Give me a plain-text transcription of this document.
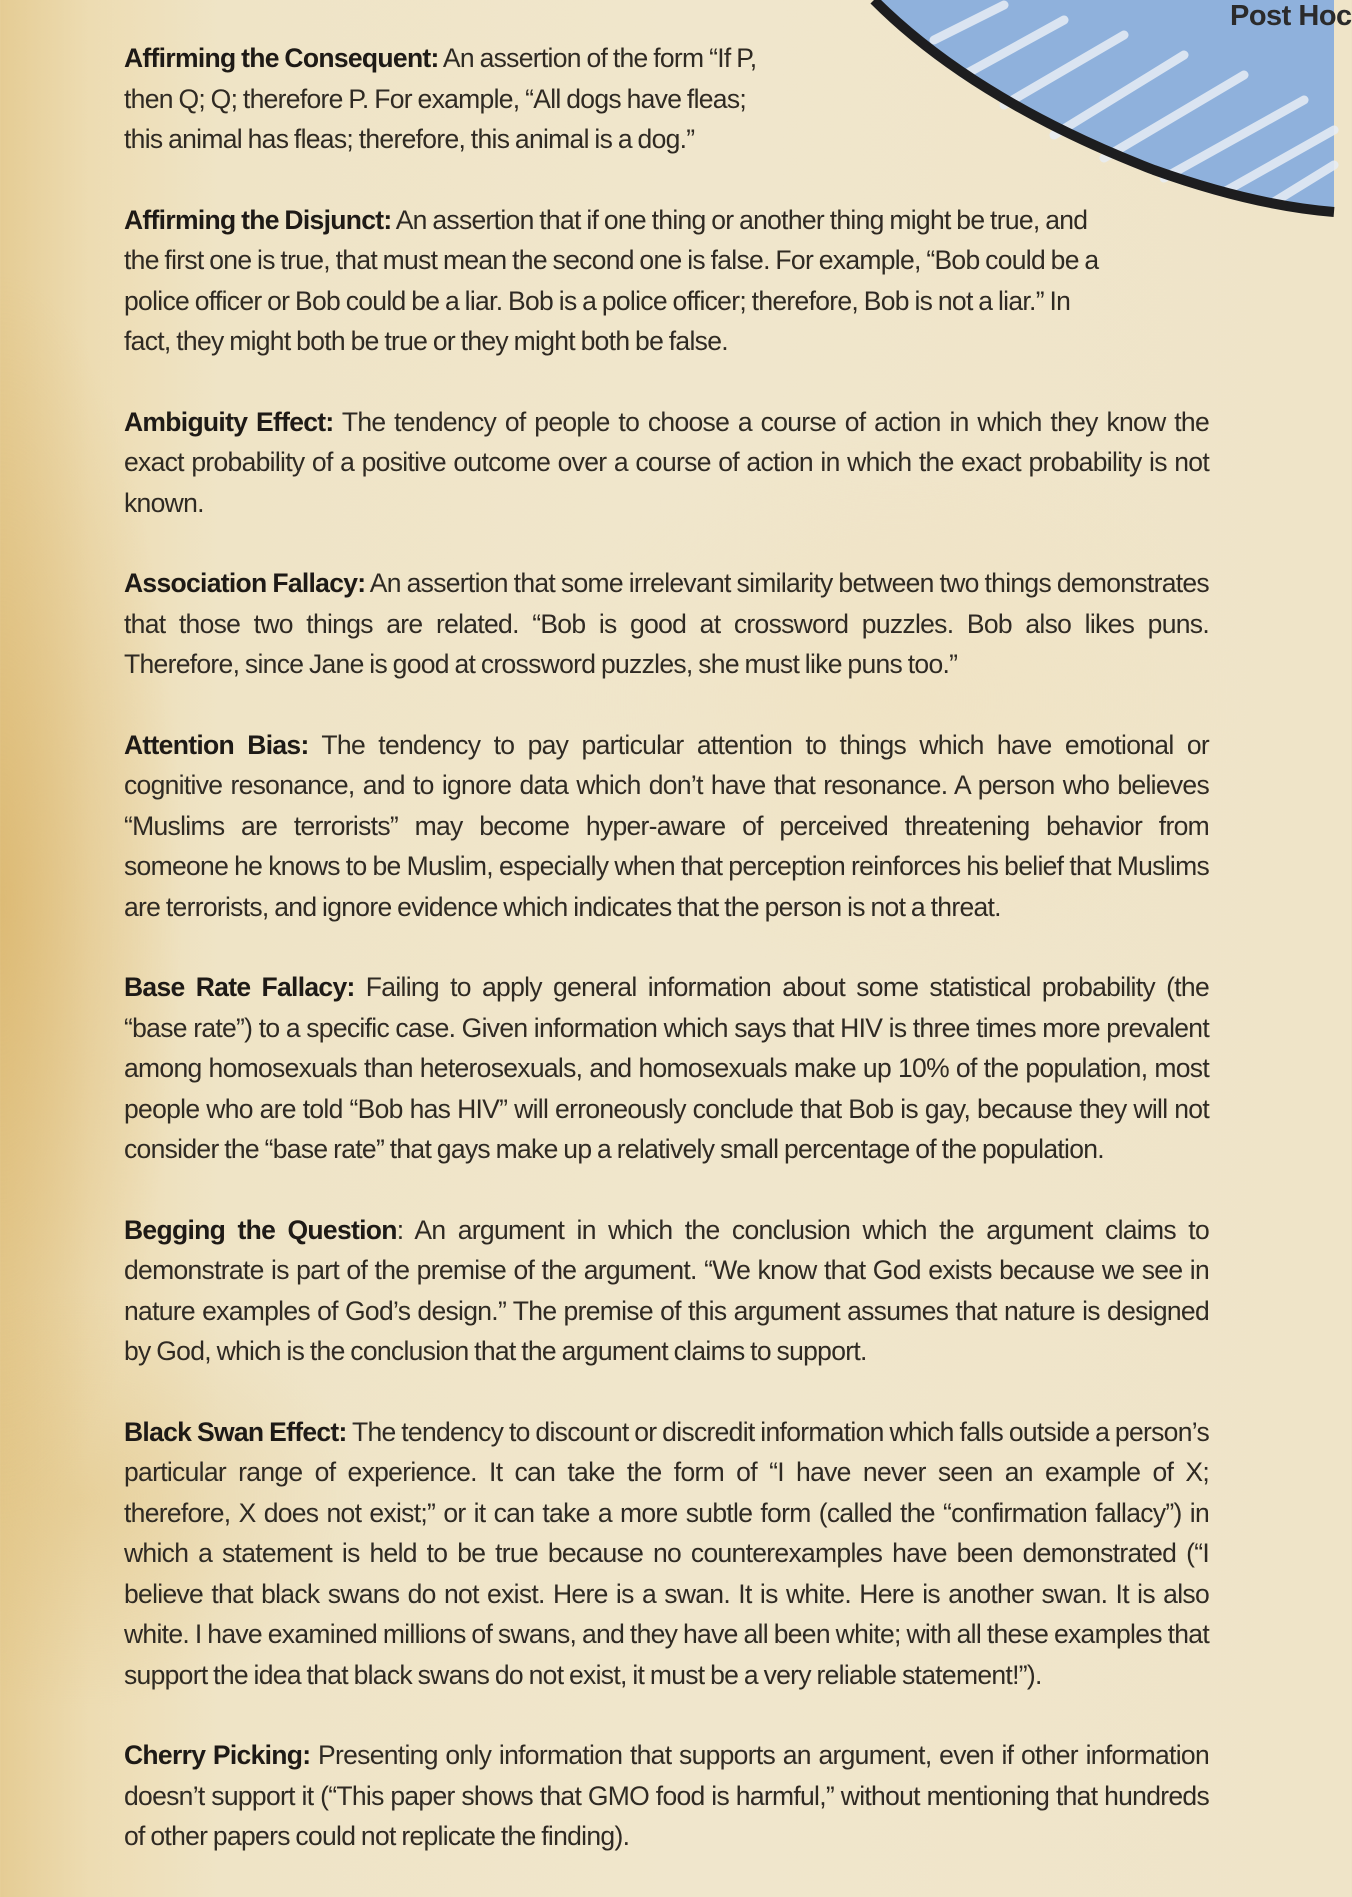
Post Hoc

Affirming the Consequent: An assertion of the form “If P, then Q; Q; therefore P. For example, “All dogs have fleas; this animal has fleas; therefore, this animal is a dog.”

Affirming the Disjunct: An assertion that if one thing or another thing might be true, and the first one is true, that must mean the second one is false. For example, “Bob could be a police officer or Bob could be a liar. Bob is a police officer; therefore, Bob is not a liar.” In fact, they might both be true or they might both be false.

Ambiguity Effect: The tendency of people to choose a course of action in which they know the exact probability of a positive outcome over a course of action in which the exact probability is not known.

Association Fallacy: An assertion that some irrelevant similarity between two things demonstrates that those two things are related. “Bob is good at crossword puzzles. Bob also likes puns. Therefore, since Jane is good at crossword puzzles, she must like puns too.”

Attention Bias: The tendency to pay particular attention to things which have emotional or cognitive resonance, and to ignore data which don’t have that resonance. A person who believes “Muslims are terrorists” may become hyper-aware of perceived threatening behavior from someone he knows to be Muslim, especially when that perception reinforces his belief that Muslims are terrorists, and ignore evidence which indicates that the person is not a threat.

Base Rate Fallacy: Failing to apply general information about some statistical probability (the “base rate”) to a specific case. Given information which says that HIV is three times more prevalent among homosexuals than heterosexuals, and homosexuals make up 10% of the population, most people who are told “Bob has HIV” will erroneously conclude that Bob is gay, because they will not consider the “base rate” that gays make up a relatively small percentage of the population.

Begging the Question: An argument in which the conclusion which the argument claims to demonstrate is part of the premise of the argument. “We know that God exists because we see in nature examples of God’s design.” The premise of this argument assumes that nature is designed by God, which is the conclusion that the argument claims to support.

Black Swan Effect: The tendency to discount or discredit information which falls outside a person’s particular range of experience. It can take the form of “I have never seen an example of X; therefore, X does not exist;” or it can take a more subtle form (called the “confirmation fallacy”) in which a statement is held to be true because no counterexamples have been demonstrated (“I believe that black swans do not exist. Here is a swan. It is white. Here is another swan. It is also white. I have examined millions of swans, and they have all been white; with all these examples that support the idea that black swans do not exist, it must be a very reliable statement!”).

Cherry Picking: Presenting only information that supports an argument, even if other information doesn’t support it (“This paper shows that GMO food is harmful,” without mentioning that hundreds of other papers could not replicate the finding).
